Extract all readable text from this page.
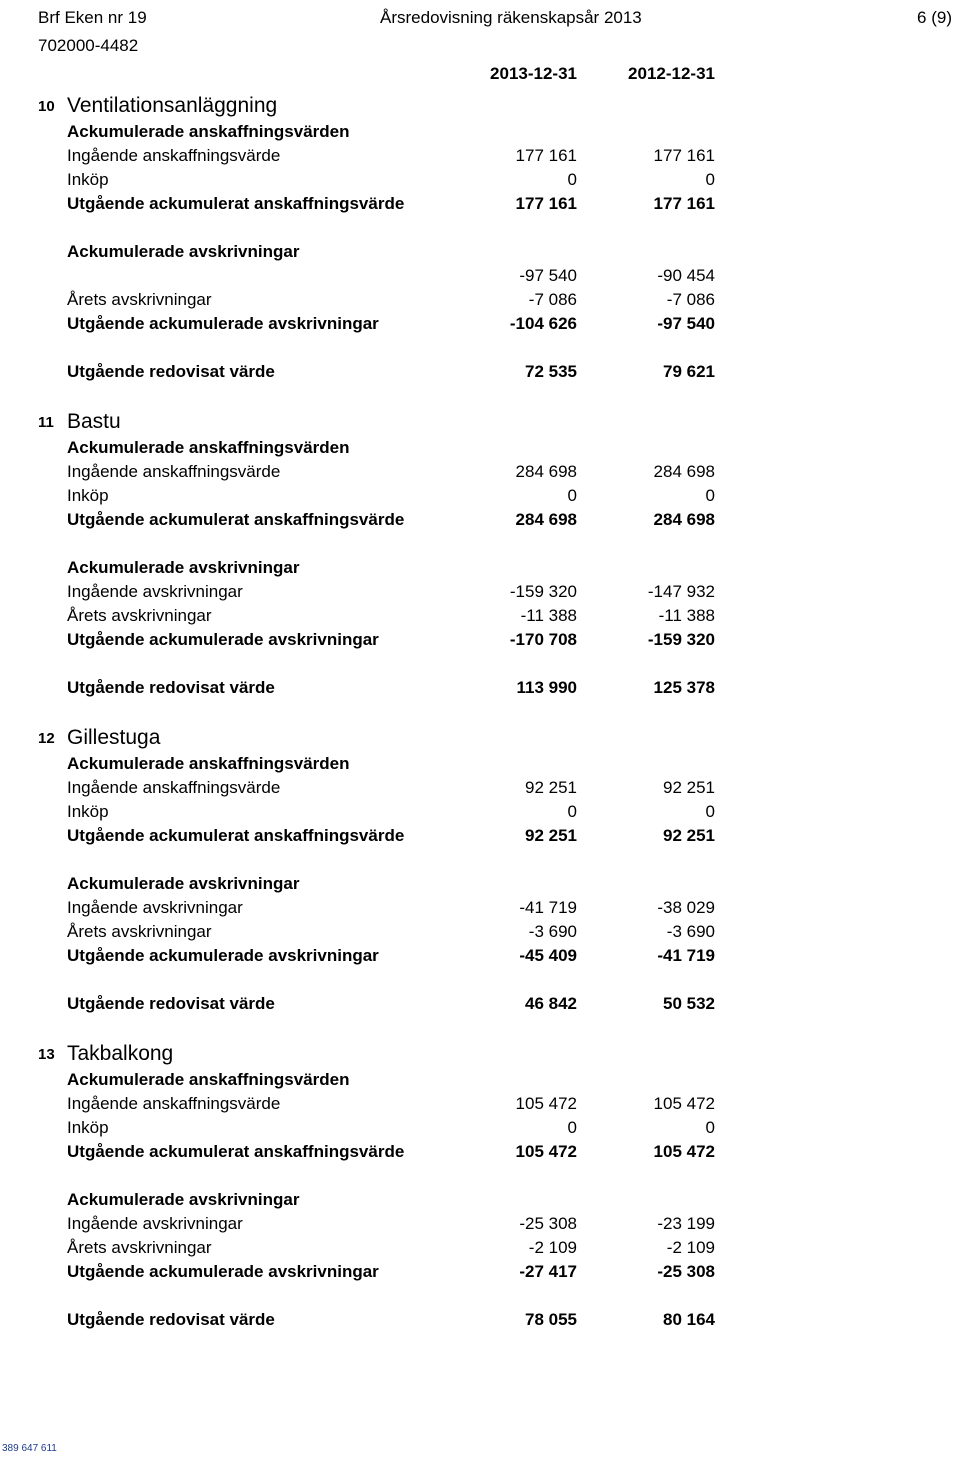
Brf Eken nr 19
702000-4482
Årsredovisning räkenskapsår 2013	6 (9)
2013-12-31	2012-12-31
10 Ventilationsanläggning
Ackumulerade anskaffningsvärden
Ingående anskaffningsvärde	177 161	177 161
Inköp	0	0
Utgående ackumulerat anskaffningsvärde	177 161	177 161
Ackumulerade avskrivningar
-97 540	-90 454
Årets avskrivningar	-7 086	-7 086
Utgående ackumulerade avskrivningar	-104 626	-97 540
Utgående redovisat värde	72 535	79 621
11 Bastu
Ackumulerade anskaffningsvärden
Ingående anskaffningsvärde	284 698	284 698
Inköp	0	0
Utgående ackumulerat anskaffningsvärde	284 698	284 698
Ackumulerade avskrivningar
Ingående avskrivningar	-159 320	-147 932
Årets avskrivningar	-11 388	-11 388
Utgående ackumulerade avskrivningar	-170 708	-159 320
Utgående redovisat värde	113 990	125 378
12 Gillestuga
Ackumulerade anskaffningsvärden
Ingående anskaffningsvärde	92 251	92 251
Inköp	0	0
Utgående ackumulerat anskaffningsvärde	92 251	92 251
Ackumulerade avskrivningar
Ingående avskrivningar	-41 719	-38 029
Årets avskrivningar	-3 690	-3 690
Utgående ackumulerade avskrivningar	-45 409	-41 719
Utgående redovisat värde	46 842	50 532
13 Takbalkong
Ackumulerade anskaffningsvärden
Ingående anskaffningsvärde	105 472	105 472
Inköp	0	0
Utgående ackumulerat anskaffningsvärde	105 472	105 472
Ackumulerade avskrivningar
Ingående avskrivningar	-25 308	-23 199
Årets avskrivningar	-2 109	-2 109
Utgående ackumulerade avskrivningar	-27 417	-25 308
Utgående redovisat värde	78 055	80 164
389 647 611
